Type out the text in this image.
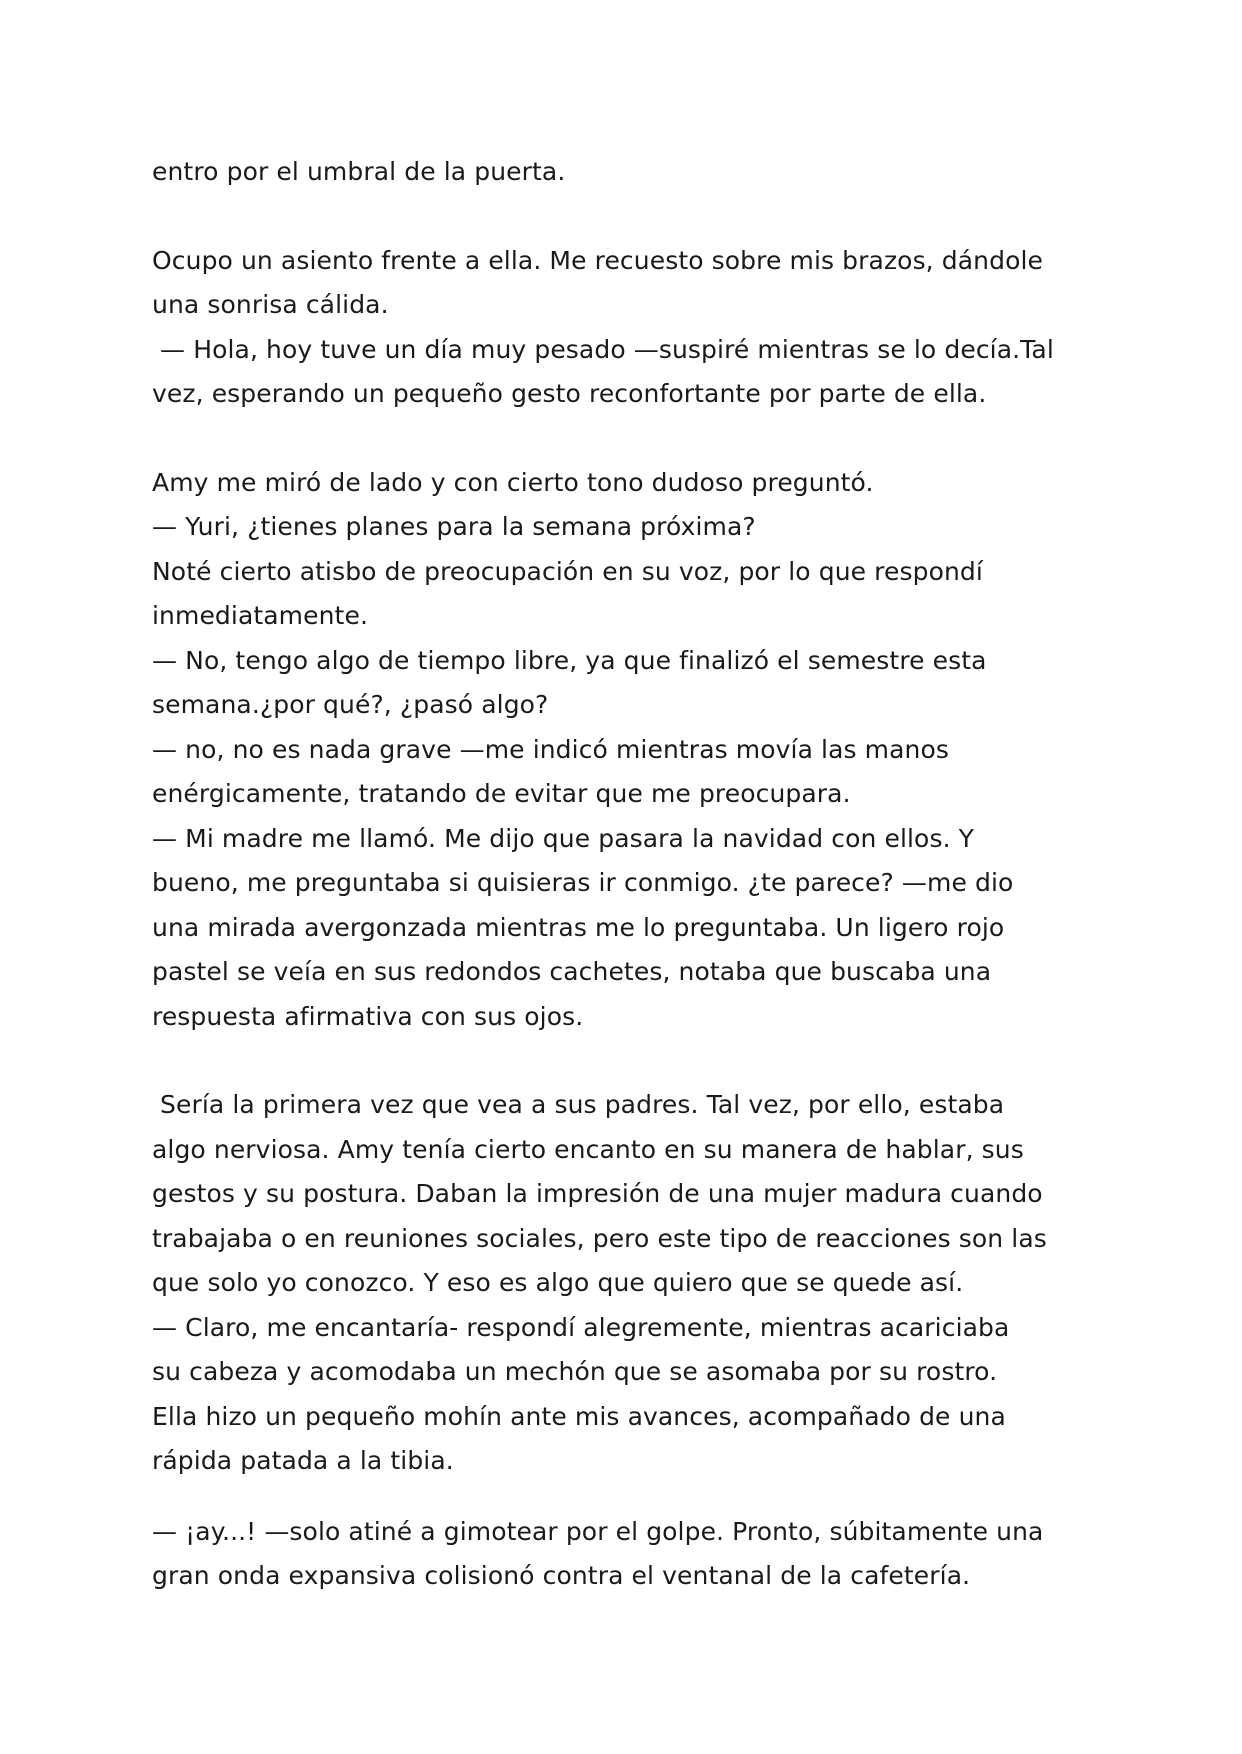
entro por el umbral de la puerta.

Ocupo un asiento frente a ella. Me recuesto sobre mis brazos, dándole
una sonrisa cálida.
— Hola, hoy tuve un día muy pesado —suspiré mientras se lo decía.Tal
vez, esperando un pequeño gesto reconfortante por parte de ella.

Amy me miró de lado y con cierto tono dudoso preguntó.
— Yuri, ¿tienes planes para la semana próxima?
Noté cierto atisbo de preocupación en su voz, por lo que respondí
inmediatamente.
— No, tengo algo de tiempo libre, ya que finalizó el semestre esta
semana.¿por qué?, ¿pasó algo?
— no, no es nada grave —me indicó mientras movía las manos
enérgicamente, tratando de evitar que me preocupara.
— Mi madre me llamó. Me dijo que pasara la navidad con ellos. Y
bueno, me preguntaba si quisieras ir conmigo. ¿te parece? —me dio
una mirada avergonzada mientras me lo preguntaba. Un ligero rojo
pastel se veía en sus redondos cachetes, notaba que buscaba una
respuesta afirmativa con sus ojos.

Sería la primera vez que vea a sus padres. Tal vez, por ello, estaba
algo nerviosa. Amy tenía cierto encanto en su manera de hablar, sus
gestos y su postura. Daban la impresión de una mujer madura cuando
trabajaba o en reuniones sociales, pero este tipo de reacciones son las
que solo yo conozco. Y eso es algo que quiero que se quede así.
— Claro, me encantaría- respondí alegremente, mientras acariciaba
su cabeza y acomodaba un mechón que se asomaba por su rostro.
Ella hizo un pequeño mohín ante mis avances, acompañado de una
rápida patada a la tibia.

— ¡ay...! —solo atiné a gimotear por el golpe. Pronto, súbitamente una
gran onda expansiva colisionó contra el ventanal de la cafetería.
